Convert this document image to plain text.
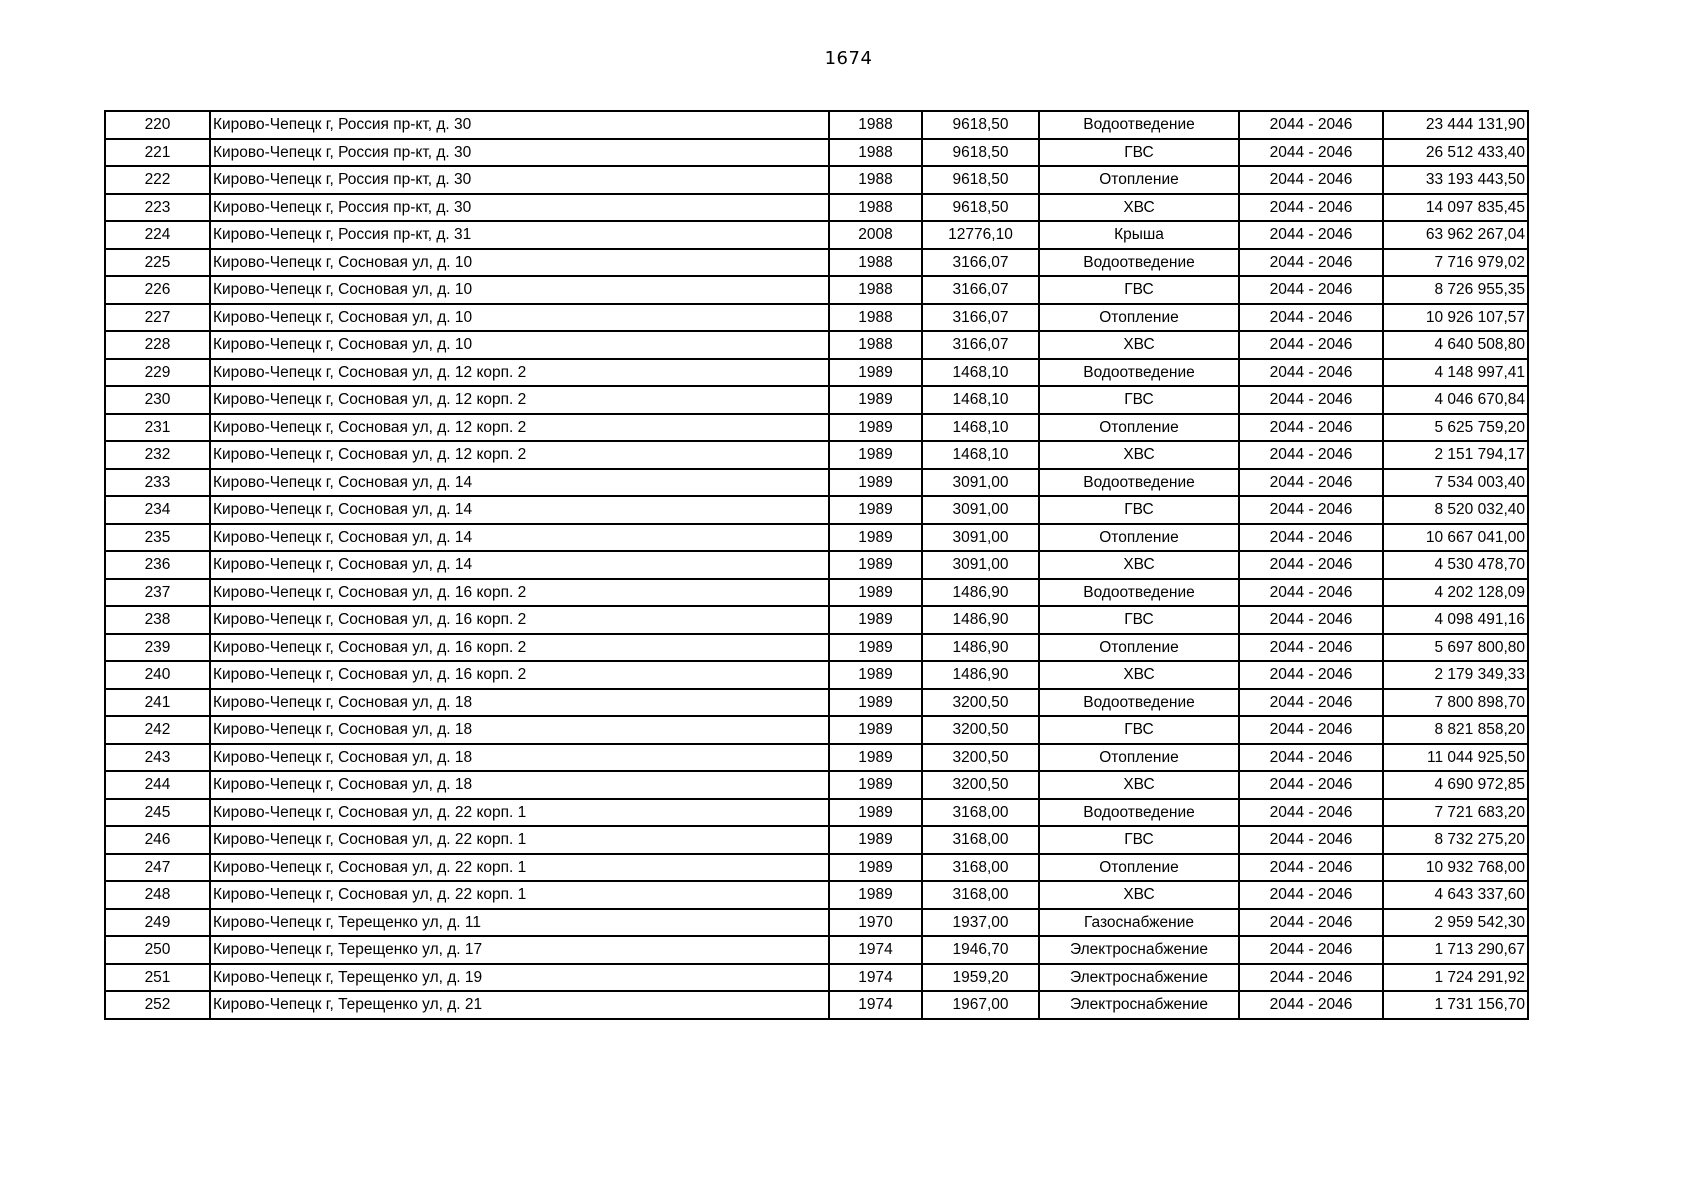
1674
220	Кирово-Чепецк г, Россия пр-кт, д. 30	1988	9618,50	Водоотведение	2044 - 2046	23 444 131,90
221	Кирово-Чепецк г, Россия пр-кт, д. 30	1988	9618,50	ГВС	2044 - 2046	26 512 433,40
222	Кирово-Чепецк г, Россия пр-кт, д. 30	1988	9618,50	Отопление	2044 - 2046	33 193 443,50
223	Кирово-Чепецк г, Россия пр-кт, д. 30	1988	9618,50	ХВС	2044 - 2046	14 097 835,45
224	Кирово-Чепецк г, Россия пр-кт, д. 31	2008	12776,10	Крыша	2044 - 2046	63 962 267,04
225	Кирово-Чепецк г, Сосновая ул, д. 10	1988	3166,07	Водоотведение	2044 - 2046	7 716 979,02
226	Кирово-Чепецк г, Сосновая ул, д. 10	1988	3166,07	ГВС	2044 - 2046	8 726 955,35
227	Кирово-Чепецк г, Сосновая ул, д. 10	1988	3166,07	Отопление	2044 - 2046	10 926 107,57
228	Кирово-Чепецк г, Сосновая ул, д. 10	1988	3166,07	ХВС	2044 - 2046	4 640 508,80
229	Кирово-Чепецк г, Сосновая ул, д. 12 корп. 2	1989	1468,10	Водоотведение	2044 - 2046	4 148 997,41
230	Кирово-Чепецк г, Сосновая ул, д. 12 корп. 2	1989	1468,10	ГВС	2044 - 2046	4 046 670,84
231	Кирово-Чепецк г, Сосновая ул, д. 12 корп. 2	1989	1468,10	Отопление	2044 - 2046	5 625 759,20
232	Кирово-Чепецк г, Сосновая ул, д. 12 корп. 2	1989	1468,10	ХВС	2044 - 2046	2 151 794,17
233	Кирово-Чепецк г, Сосновая ул, д. 14	1989	3091,00	Водоотведение	2044 - 2046	7 534 003,40
234	Кирово-Чепецк г, Сосновая ул, д. 14	1989	3091,00	ГВС	2044 - 2046	8 520 032,40
235	Кирово-Чепецк г, Сосновая ул, д. 14	1989	3091,00	Отопление	2044 - 2046	10 667 041,00
236	Кирово-Чепецк г, Сосновая ул, д. 14	1989	3091,00	ХВС	2044 - 2046	4 530 478,70
237	Кирово-Чепецк г, Сосновая ул, д. 16 корп. 2	1989	1486,90	Водоотведение	2044 - 2046	4 202 128,09
238	Кирово-Чепецк г, Сосновая ул, д. 16 корп. 2	1989	1486,90	ГВС	2044 - 2046	4 098 491,16
239	Кирово-Чепецк г, Сосновая ул, д. 16 корп. 2	1989	1486,90	Отопление	2044 - 2046	5 697 800,80
240	Кирово-Чепецк г, Сосновая ул, д. 16 корп. 2	1989	1486,90	ХВС	2044 - 2046	2 179 349,33
241	Кирово-Чепецк г, Сосновая ул, д. 18	1989	3200,50	Водоотведение	2044 - 2046	7 800 898,70
242	Кирово-Чепецк г, Сосновая ул, д. 18	1989	3200,50	ГВС	2044 - 2046	8 821 858,20
243	Кирово-Чепецк г, Сосновая ул, д. 18	1989	3200,50	Отопление	2044 - 2046	11 044 925,50
244	Кирово-Чепецк г, Сосновая ул, д. 18	1989	3200,50	ХВС	2044 - 2046	4 690 972,85
245	Кирово-Чепецк г, Сосновая ул, д. 22 корп. 1	1989	3168,00	Водоотведение	2044 - 2046	7 721 683,20
246	Кирово-Чепецк г, Сосновая ул, д. 22 корп. 1	1989	3168,00	ГВС	2044 - 2046	8 732 275,20
247	Кирово-Чепецк г, Сосновая ул, д. 22 корп. 1	1989	3168,00	Отопление	2044 - 2046	10 932 768,00
248	Кирово-Чепецк г, Сосновая ул, д. 22 корп. 1	1989	3168,00	ХВС	2044 - 2046	4 643 337,60
249	Кирово-Чепецк г, Терещенко ул, д. 11	1970	1937,00	Газоснабжение	2044 - 2046	2 959 542,30
250	Кирово-Чепецк г, Терещенко ул, д. 17	1974	1946,70	Электроснабжение	2044 - 2046	1 713 290,67
251	Кирово-Чепецк г, Терещенко ул, д. 19	1974	1959,20	Электроснабжение	2044 - 2046	1 724 291,92
252	Кирово-Чепецк г, Терещенко ул, д. 21	1974	1967,00	Электроснабжение	2044 - 2046	1 731 156,70
